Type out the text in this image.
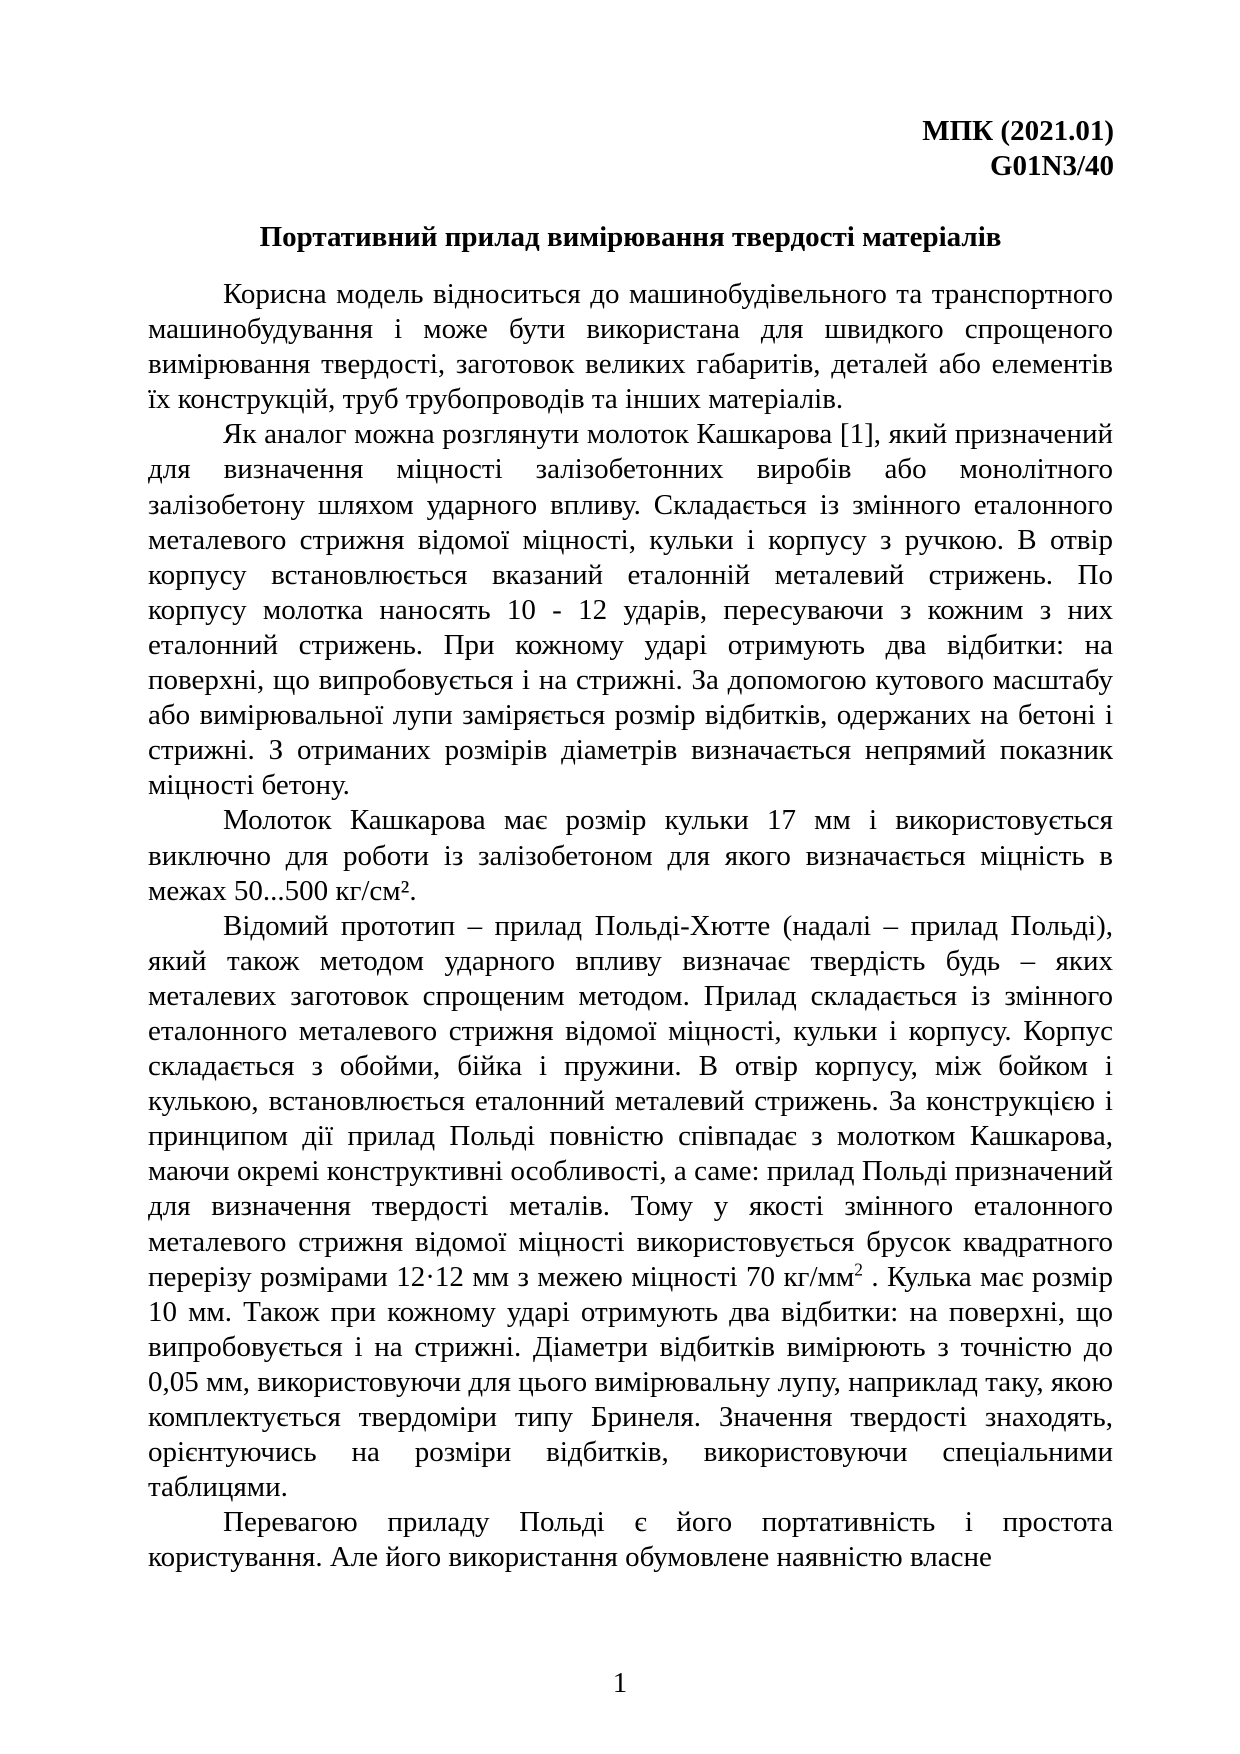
МПК (2021.01)
G01N3/40
Портативний прилад вимірювання твердості матеріалів

Корисна модель відноситься до машинобудівельного та транспортного машинобудування і може бути використана для швидкого спрощеного вимірювання твердості, заготовок великих габаритів, деталей або елементів їх конструкцій, труб трубопроводів та інших матеріалів.

Як аналог можна розглянути молоток Кашкарова [1], який призначений для визначення міцності залізобетонних виробів або монолітного залізобетону шляхом ударного впливу. Складається із змінного еталонного металевого стрижня відомої міцності, кульки і корпусу з ручкою. В отвір корпусу встановлюється вказаний еталонній металевий стрижень. По корпусу молотка наносять 10 - 12 ударів, пересуваючи з кожним з них еталонний стрижень. При кожному ударі отримують два відбитки: на поверхні, що випробовується і на стрижні. За допомогою кутового масштабу або вимірювальної лупи заміряється розмір відбитків, одержаних на бетоні і стрижні. З отриманих розмірів діаметрів визначається непрямий показник міцності бетону.

Молоток Кашкарова має розмір кульки 17 мм і використовується виключно для роботи із залізобетоном для якого визначається міцність в межах 50...500 кг/см².

Відомий прототип – прилад Польді-Хютте (надалі – прилад Польді), який також методом ударного впливу визначає твердість будь – яких металевих заготовок спрощеним методом. Прилад складається із змінного еталонного металевого стрижня відомої міцності, кульки і корпусу. Корпус складається з обойми, бійка і пружини. В отвір корпусу, між бойком і кулькою, встановлюється еталонний металевий стрижень. За конструкцією і принципом дії прилад Польді повністю співпадає з молотком Кашкарова, маючи окремі конструктивні особливості, а саме: прилад Польді призначений для визначення твердості металів. Тому у якості змінного еталонного металевого стрижня відомої міцності використовується брусок квадратного перерізу розмірами 12·12 мм з межею міцності 70 $кг/мм^2$ . Кулька має розмір 10 мм. Також при кожному ударі отримують два відбитки: на поверхні, що випробовується і на стрижні. Діаметри відбитків вимірюють з точністю до 0,05 мм, використовуючи для цього вимірювальну лупу, наприклад таку, якою комплектується твердоміри типу Бринеля. Значення твердості знаходять, орієнтуючись на розміри відбитків, використовуючи спеціальними таблицями.

Перевагою приладу Польді є його портативність і простота користування. Але його використання обумовлене наявністю власне

1
